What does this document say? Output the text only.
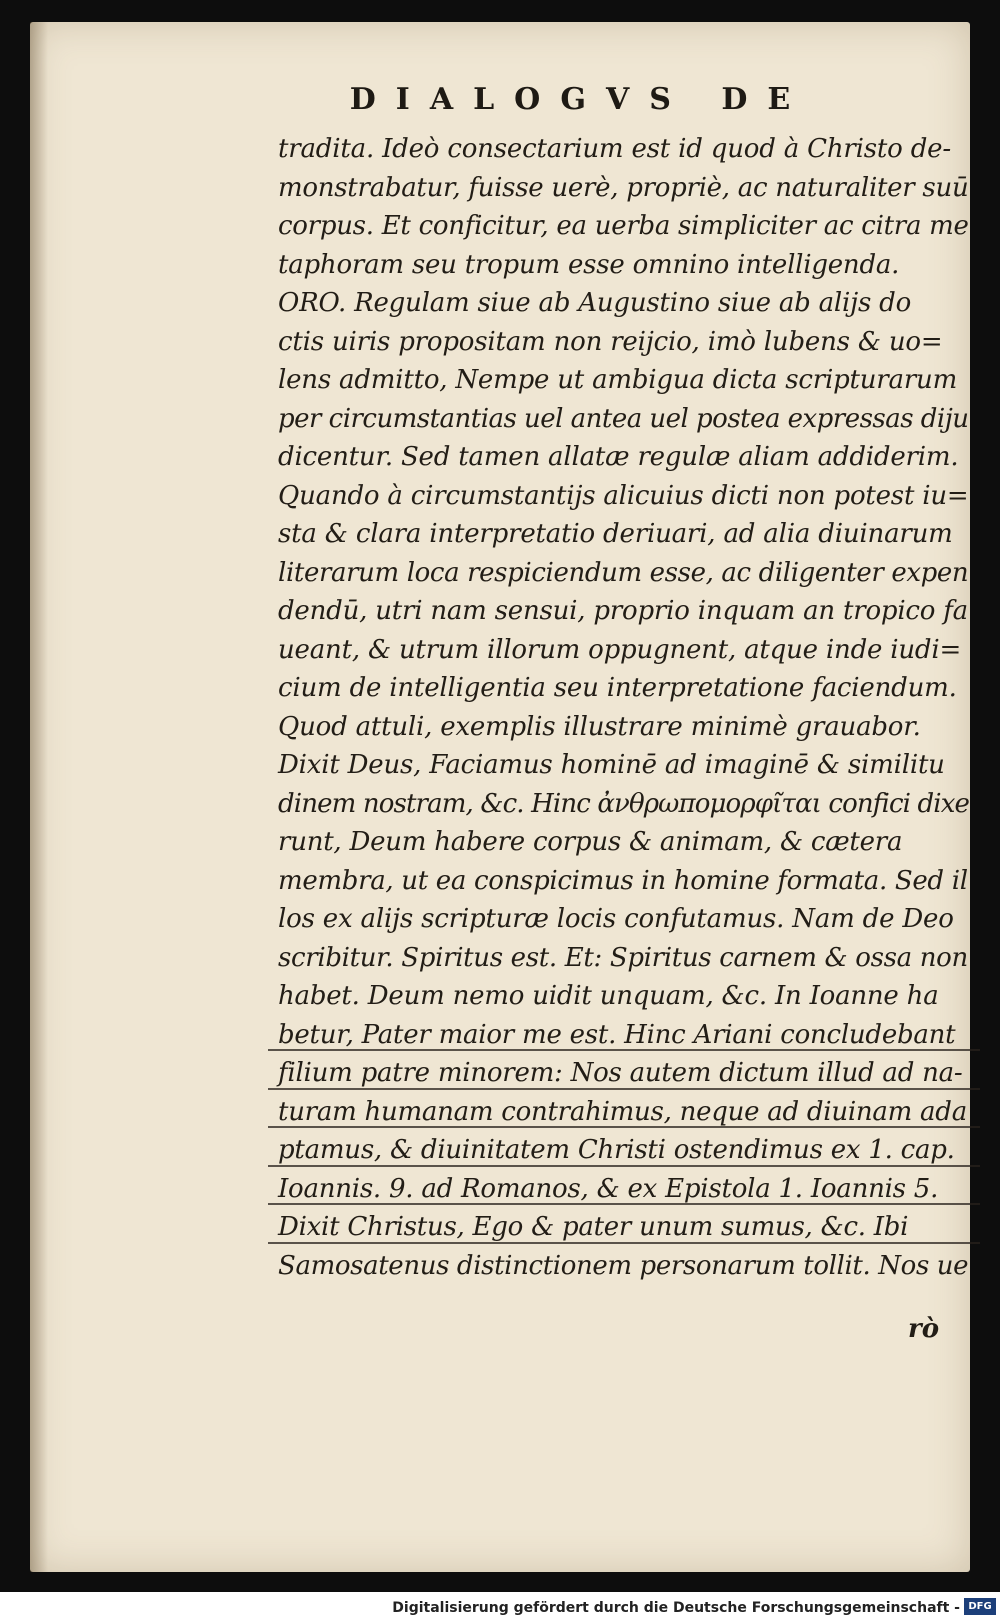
DIALOGVS DE
tradita. Ideò consectarium est id quod à Christo de-
monstrabatur, fuisse uerè, propriè, ac naturaliter suū
corpus. Et conficitur, ea uerba simpliciter ac citra me
taphoram seu tropum esse omnino intelligenda.
ORO. Regulam siue ab Augustino siue ab alijs do
ctis uiris propositam non reijcio, imò lubens & uo=
lens admitto, Nempe ut ambigua dicta scripturarum
per circumstantias uel antea uel postea expressas diju
dicentur. Sed tamen allatæ regulæ aliam addiderim.
Quando à circumstantijs alicuius dicti non potest iu=
sta & clara interpretatio deriuari, ad alia diuinarum
literarum loca respiciendum esse, ac diligenter expen
dendū, utri nam sensui, proprio inquam an tropico fa
ueant, & utrum illorum oppugnent, atque inde iudi=
cium de intelligentia seu interpretatione faciendum.
Quod attuli, exemplis illustrare minimè grauabor.
Dixit Deus, Faciamus hominē ad imaginē & similitu
dinem nostram, &c. Hinc ἀνθρωπομορφῖται confici dixe
runt, Deum habere corpus & animam, & cætera
membra, ut ea conspicimus in homine formata. Sed il
los ex alijs scripturæ locis confutamus. Nam de Deo
scribitur. Spiritus est. Et: Spiritus carnem & ossa non
habet. Deum nemo uidit unquam, &c. In Ioanne ha
betur, Pater maior me est. Hinc Ariani concludebant
filium patre minorem: Nos autem dictum illud ad na-
turam humanam contrahimus, neque ad diuinam ada
ptamus, & diuinitatem Christi ostendimus ex 1. cap.
Ioannis. 9. ad Romanos, & ex Epistola 1. Ioannis 5.
Dixit Christus, Ego & pater unum sumus, &c. Ibi
Samosatenus distinctionem personarum tollit. Nos ue
rò
Digitalisierung gefördert durch die Deutsche Forschungsgemeinschaft - DFG
